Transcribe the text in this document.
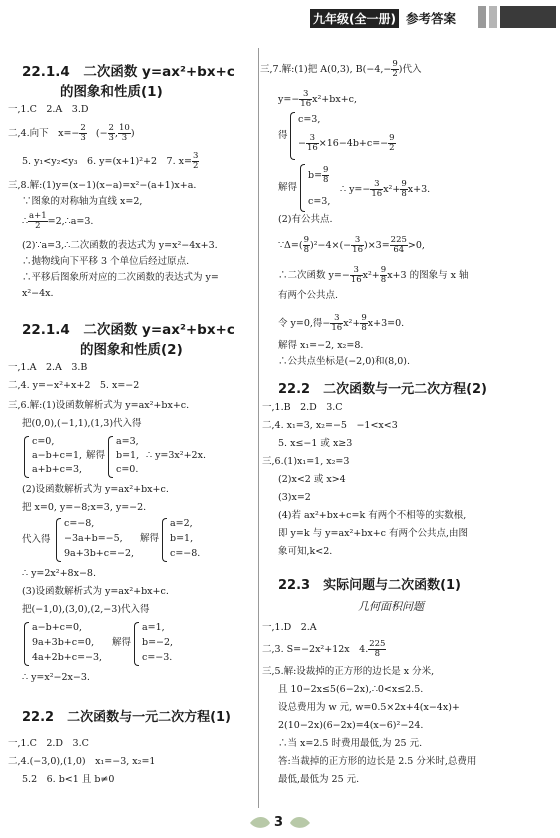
九年级(全一册) 参考答案
22.1.4　二次函数 y=ax²+bx+c
的图象和性质(1)
一,1.C　2.A　3.D
二,4.向下　$x=- \frac{2}{3}$ (− $\frac{2}{3}$ , $\frac{10}{3}$ )
5. y₁<y₂<y₃　6. y=(x+1)²+2　7. $x= \frac{3}{2}$
三,8.解:(1)y=(x−1)(x−a)=x²−(a+1)x+a.
∵图象的对称轴为直线 x=2,
∴ $\frac{a+1}{2}$ =2,∴a=3.
(2)∵a=3,∴二次函数的表达式为 y=x²−4x+3.
∴抛物线向下平移 3 个单位后经过原点.
∴平移后图象所对应的二次函数的表达式为 y=
x²−4x.
22.1.4　二次函数 y=ax²+bx+c
的图象和性质(2)
一,1.A　2.A　3.B
二,4. y=−x²+x+2　5. x=−2
三,6.解:(1)设函数解析式为 y=ax²+bx+c.
把(0,0),(−1,1),(1,3)代入得
c=0,
a−b+c=1,
a+b+c=3,
解得
a=3,
b=1,
c=0.
∴ y=3x²+2x.
(2)设函数解析式为 y=ax²+bx+c.
把 x=0, y=−8;x=3, y=−2.
代入得
c=−8,
−3a+b=−5,
9a+3b+c=−2,
解得
a=2,
b=1,
c=−8.
∴ y=2x²+8x−8.
(3)设函数解析式为 y=ax²+bx+c.
把(−1,0),(3,0),(2,−3)代入得
a−b+c=0,
9a+3b+c=0,
4a+2b+c=−3,
解得
a=1,
b=−2,
c=−3.
∴ y=x²−2x−3.
22.2　二次函数与一元二次方程(1)
一,1.C　2.D　3.C
二,4.(−3,0),(1,0)　x₁=−3, x₂=1
5.2　6. b<1 且 b≠0
三,7.解:(1)把 A(0,3), $B(-4,- \frac{9}{2}$ )代入
$y=- \frac{3}{16} x^2+bx+c$,
得
c=3,
− $\frac{3}{16} \times 16-4b+c=- \frac{9}{2}$
解得
$b= \frac{9}{8}$
c=3,
∴ $y=- \frac{3}{16} x^2+ \frac{9}{8} x+3$.
(2)有公共点.
∵Δ=( $\frac{9}{8} )^2-4\times(- \frac{3}{16} )\times 3= \frac{225}{64} >0$,
∴二次函数 $y=- \frac{3}{16} x^2+ \frac{9}{8} x+3$ 的图象与 x 轴
有两个公共点.
令 y=0,得− $\frac{3}{16} x^2+ \frac{9}{8} x+3=0$.
解得 x₁=−2, x₂=8.
∴公共点坐标是(−2,0)和(8,0).
22.2　二次函数与一元二次方程(2)
一,1.B　2.D　3.C
二,4. x₁=3, x₂=−5　−1<x<3
5. x≤−1 或 x≥3
三,6.(1)x₁=1, x₂=3
(2)x<2 或 x>4
(3)x=2
(4)若 ax²+bx+c=k 有两个不相等的实数根,
即 y=k 与 y=ax²+bx+c 有两个公共点,由图
象可知,k<2.
22.3　实际问题与二次函数(1)
几何面积问题
一,1.D　2.A
二,3. S=−2x²+12x　4. $\frac{225}{8}$
三,5.解:设裁掉的正方形的边长是 x 分米,
且 10−2x≤5(6−2x),∴0<x≤2.5.
设总费用为 w 元, w=0.5×2x+4(x−4x)+
2(10−2x)(6−2x)=4(x−6)²−24.
∴当 x=2.5 时费用最低,为 25 元.
答:当裁掉的正方形的边长是 2.5 分米时,总费用
最低,最低为 25 元.
3
